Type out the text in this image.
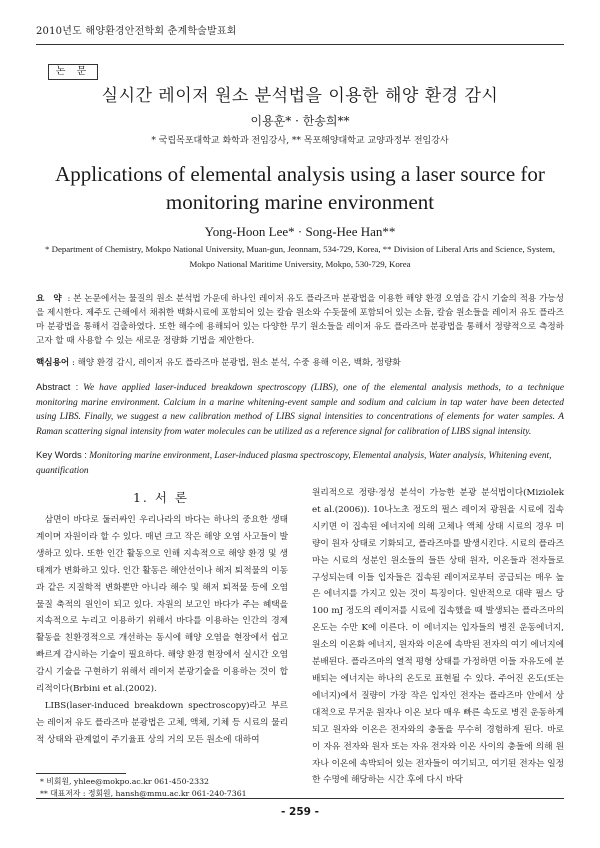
2010년도 해양환경안전학회 춘계학술발표회
논 문
실시간 레이저 원소 분석법을 이용한 해양 환경 감시
이용훈* · 한송희**
* 국립목포대학교 화학과 전임강사, ** 목포해양대학교 교양과정부 전임강사
Applications of elemental analysis using a laser source for monitoring marine environment
Yong-Hoon Lee* · Song-Hee Han**
* Department of Chemistry, Mokpo National University, Muan-gun, Jeonnam, 534-729, Korea, ** Division of Liberal Arts and Science, System, Mokpo National Maritime University, Mokpo, 530-729, Korea
요 약 : 본 논문에서는 물질의 원소 분석법 가운데 하나인 레이저 유도 플라즈마 분광법을 이용한 해양 환경 오염을 감시 기술의 적용 가능성을 제시한다. 제주도 근해에서 채취한 백화시료에 포함되어 있는 칼슘 원소와 수돗물에 포함되어 있는 소듐, 칼슘 원소들을 레이저 유도 플라즈마 분광법을 통해서 검출하였다. 또한 해수에 용해되어 있는 다양한 무기 원소들을 레이저 유도 플라즈마 분광법을 통해서 정량적으로 측정하고자 할 때 사용할 수 있는 새로운 정량화 기법을 제안한다.
핵심용어 : 해양 환경 감시, 레이저 유도 플라즈마 분광법, 원소 분석, 수중 용해 이온, 백화, 정량화
Abstract : We have applied laser-induced breakdown spectroscopy (LIBS), one of the elemental analysis methods, to a technique monitoring marine environment. Calcium in a marine whitening-event sample and sodium and calcium in tap water have been detected using LIBS. Finally, we suggest a new calibration method of LIBS signal intensities to concentrations of elements for water samples. A Raman scattering signal intensity from water molecules can be utilized as a reference signal for calibration of LIBS signal intensity.
Key Words : Monitoring marine environment, Laser-induced plasma spectroscopy, Elemental analysis, Water analysis, Whitening event, quantification
1. 서 론

삼면이 바다로 둘러싸인 우리나라의 바다는 하나의 중요한 생태계이며 자원이라 할 수 있다. 매년 크고 작은 해양 오염 사고들이 발생하고 있다. 또한 인간 활동으로 인해 지속적으로 해양 환경 및 생태계가 변화하고 있다. 인간 활동은 해안선이나 해저 퇴적물의 이동과 같은 지질학적 변화뿐만 아니라 해수 및 해저 퇴적물 등에 오염물질 축적의 원인이 되고 있다. 자원의 보고인 바다가 주는 혜택을 지속적으로 누리고 이용하기 위해서 바다를 이용하는 인간의 경제 활동을 친환경적으로 개선하는 동시에 해양 오염을 현장에서 쉽고 빠르게 감시하는 기술이 필요하다. 해양 환경 현장에서 실시간 오염 감시 기술을 구현하기 위해서 레이저 분광기술을 이용하는 것이 합리적이다(Brbini et al.(2002).

LIBS(laser-induced breakdown spectroscopy)라고 부르는 레이저 유도 플라즈마 분광법은 고체, 액체, 기체 등 시료의 물리적 상태와 관계없이 주기율표 상의 거의 모든 원소에 대하여

원리적으로 정량·정성 분석이 가능한 분광 분석법이다(Miziolek et al.(2006)). 10나노초 정도의 펄스 레이저 광원을 시료에 집속시키면 이 집속된 에너지에 의해 고체나 액체 상태 시료의 경우 미량이 원자 상태로 기화되고, 플라즈마를 발생시킨다. 시료의 플라즈마는 시료의 성분인 원소들의 들뜬 상태 원자, 이온들과 전자들로 구성되는데 이들 입자들은 집속된 레이저로부터 공급되는 매우 높은 에너지를 가지고 있는 것이 특징이다. 일반적으로 대략 펄스 당 100 mJ 정도의 레이저를 시료에 집속했을 때 발생되는 플라즈마의 온도는 수만 K에 이른다. 이 에너지는 입자들의 병진 운동에너지, 원소의 이온화 에너지, 원자와 이온에 속박된 전자의 여기 에너지에 분배된다. 플라즈마의 열적 평형 상태를 가정하면 이들 자유도에 분배되는 에너지는 하나의 온도로 표현될 수 있다. 주어진 온도(또는 에너지)에서 질량이 가장 작은 입자인 전자는 플라즈마 안에서 상대적으로 무거운 원자나 이온 보다 매우 빠른 속도로 병진 운동하게 되고 원자와 이온은 전자와의 충돌을 무수히 경험하게 된다. 바로 이 자유 전자와 원자 또는 자유 전자와 이온 사이의 충돌에 의해 원자나 이온에 속박되어 있는 전자들이 여기되고, 여기된 전자는 일정한 수명에 해당하는 시간 후에 다시 바닥

* 비회원, yhlee@mokpo.ac.kr 061-450-2332
** 대표저자 : 정회원, hansh@mmu.ac.kr 061-240-7361
- 259 -
